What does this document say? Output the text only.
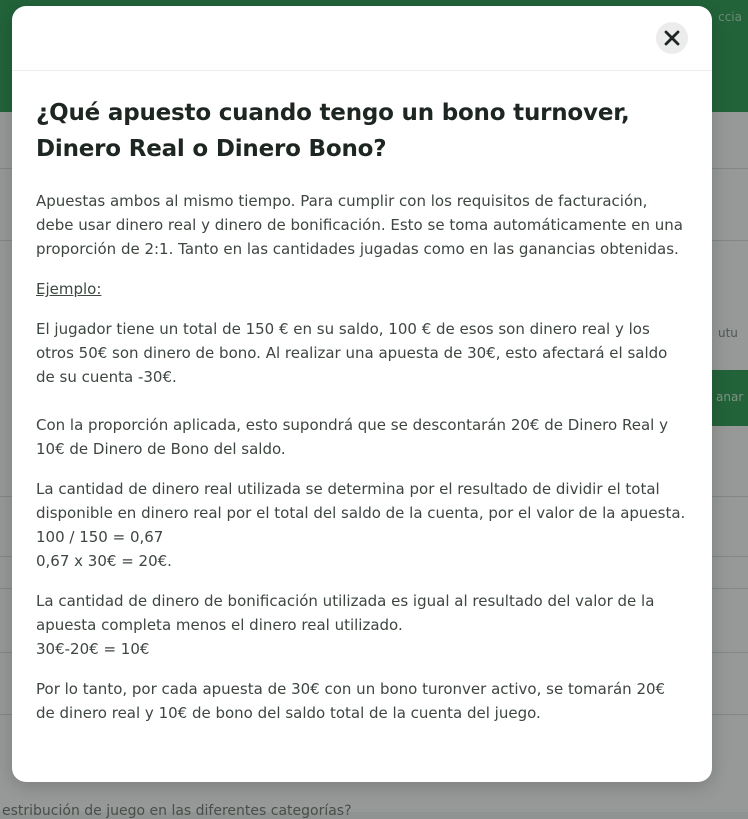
ccia
utu
anar
estribución de juego en las diferentes categorías?
¿Qué apuesto cuando tengo un bono turnover, Dinero Real o Dinero Bono?

Apuestas ambos al mismo tiempo. Para cumplir con los requisitos de facturación, debe usar dinero real y dinero de bonificación. Esto se toma automáticamente en una proporción de 2:1. Tanto en las cantidades jugadas como en las ganancias obtenidas.

Ejemplo:

El jugador tiene un total de 150 € en su saldo, 100 € de esos son dinero real y los otros 50€ son dinero de bono. Al realizar una apuesta de 30€, esto afectará el saldo de su cuenta -30€.

Con la proporción aplicada, esto supondrá que se descontarán 20€ de Dinero Real y 10€ de Dinero de Bono del saldo.

La cantidad de dinero real utilizada se determina por el resultado de dividir el total disponible en dinero real por el total del saldo de la cuenta, por el valor de la apuesta.
100 / 150 = 0,67
0,67 x 30€ = 20€.

La cantidad de dinero de bonificación utilizada es igual al resultado del valor de la apuesta completa menos el dinero real utilizado.
30€-20€ = 10€

Por lo tanto, por cada apuesta de 30€ con un bono turonver activo, se tomarán 20€ de dinero real y 10€ de bono del saldo total de la cuenta del juego.
